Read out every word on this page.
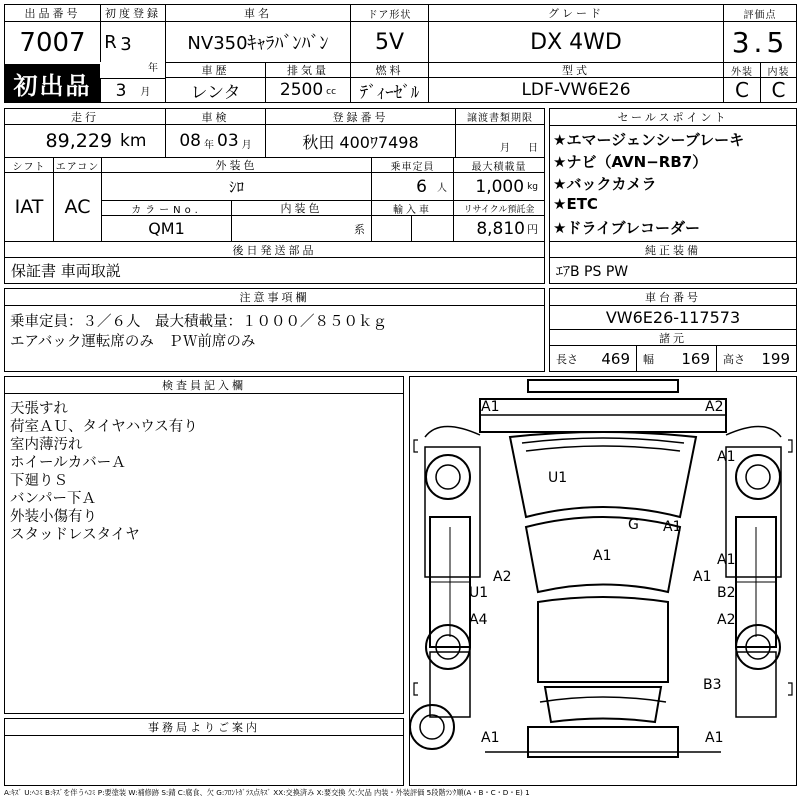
出品番号
7007
初出品
初度登録
R 3
年
3 月
車名
NV350ｷｬﾗﾊﾞﾝﾊﾞﾝ
ドア形状
5V
グレード
DX 4WD
評価点
3.5
車歴
レンタ
排気量
2500 cc
燃料
ﾃﾞｨｰｾﾞﾙ
型式
LDF-VW6E26
外装
C
内装
C
走行
89,229 km
車検
08 年 03 月
登録番号
秋田 400ﾜ7498
譲渡書類期限
月 日
シフト
IAT
エアコン
AC
外装色
ｼﾛ
乗車定員
6 人
最大積載量
1,000 kg
カラーNo.
QM1
内装色
系
輸入車	リサイクル預託金
8,810 円
後日発送部品
保証書 車両取説
セールスポイント
★エマージェンシーブレーキ
★ナビ（AVN−RB7）
★バックカメラ
★ETC
★ドライブレコーダー
純正装備
ｴｱB PS PW
注意事項欄
乗車定員：３／６人　最大積載量：１０００／８５０ｋｇ
エアバック運転席のみ　ＰＷ前席のみ
車台番号
VW6E26-117573
諸元
長さ 469 幅 169 高さ 199
検査員記入欄
天張すれ
荷室ＡＵ、タイヤハウス有り
室内薄汚れ
ホイールカバーＡ
下廻りＳ
バンパー下Ａ
外装小傷有り
スタッドレスタイヤ
A1	A2
A1
U1
G A1
A1	A1
A2	A1
U1	B2
A4	A2
B3
A1	A1
事務局よりご案内
A:ｷｽﾞ U:ﾍｺﾐ B:ｷｽﾞを伴うﾍｺﾐ P:要塗装 W:補修跡 S:錆 C:腐食、欠 G:ﾌﾛﾝﾄｶﾞﾗｽ点ｷｽﾞ XX:交換済み X:要交換 欠:欠品 内装・外装評価 5段階ﾗﾝｸ順(A・B・C・D・E) 1
